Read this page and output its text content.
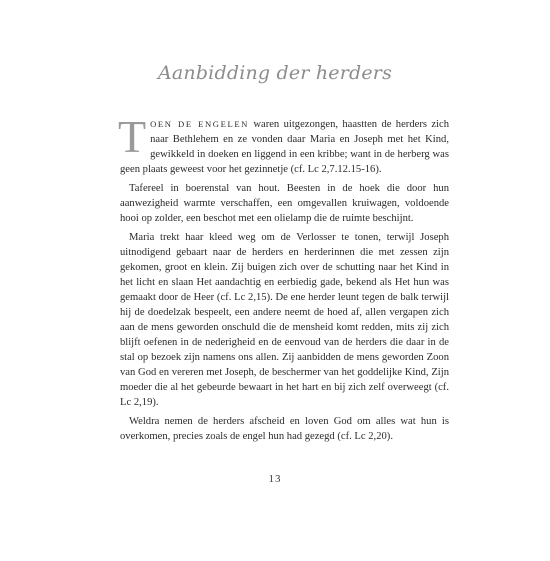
Aanbidding der herders

TOEN DE ENGELEN waren uitgezongen, haastten de herders zich naar Bethlehem en ze vonden daar Maria en Joseph met het Kind, gewikkeld in doeken en liggend in een kribbe; want in de herberg was geen plaats geweest voor het gezinnetje (cf. Lc 2,7.12.15-16).

Tafereel in boerenstal van hout. Beesten in de hoek die door hun aanwezigheid warmte verschaffen, een omgevallen kruiwagen, voldoende hooi op zolder, een beschot met een olielamp die de ruimte beschijnt.

Maria trekt haar kleed weg om de Verlosser te tonen, terwijl Joseph uitnodigend gebaart naar de herders en herderinnen die met zessen zijn gekomen, groot en klein. Zij buigen zich over de schutting naar het Kind in het licht en slaan Het aandachtig en eerbiedig gade, bekend als Het hun was gemaakt door de Heer (cf. Lc 2,15). De ene herder leunt tegen de balk terwijl hij de doedelzak bespeelt, een andere neemt de hoed af, allen vergapen zich aan de mens geworden onschuld die de mensheid komt redden, mits zij zich blijft oefenen in de nederigheid en de eenvoud van de herders die daar in de stal op bezoek zijn namens ons allen. Zij aanbidden de mens geworden Zoon van God en vereren met Joseph, de beschermer van het goddelijke Kind, Zijn moeder die al het gebeurde bewaart in het hart en bij zich zelf overweegt (cf. Lc 2,19).

Weldra nemen de herders afscheid en loven God om alles wat hun is overkomen, precies zoals de engel hun had gezegd (cf. Lc 2,20).

13
